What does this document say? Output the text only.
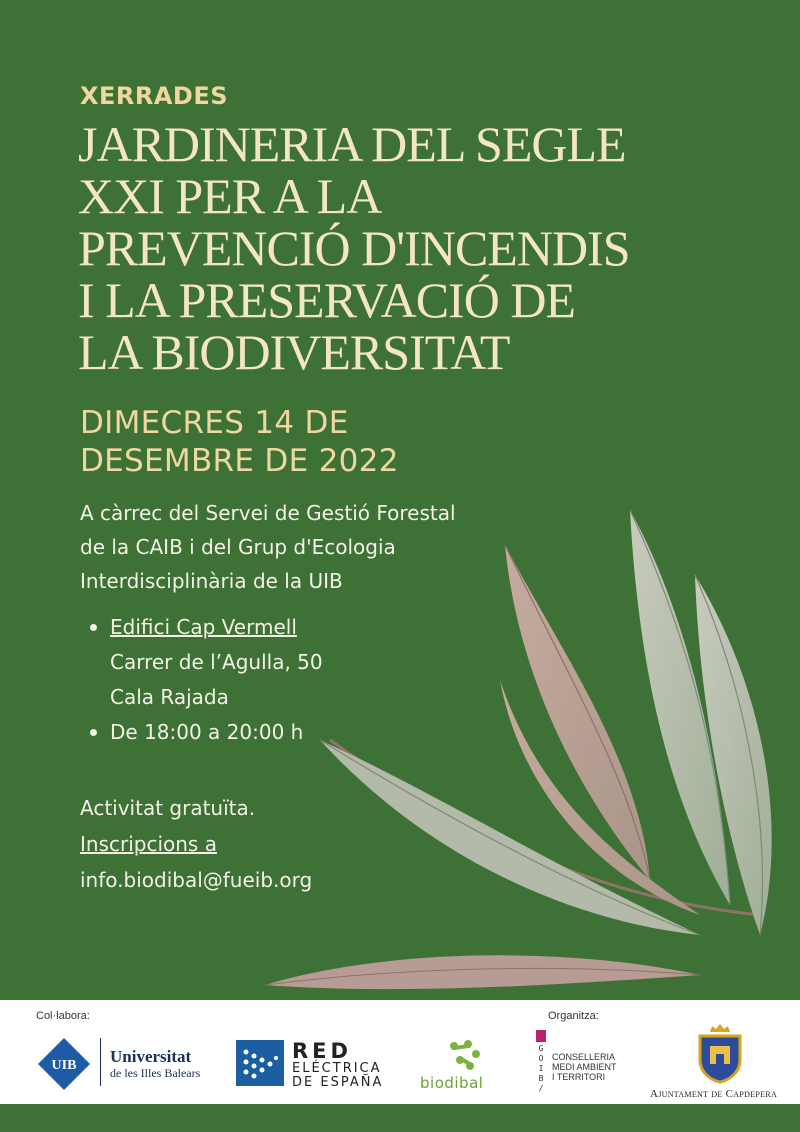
XERRADES
JARDINERIA DEL SEGLE
XXI PER A LA
PREVENCIÓ D'INCENDIS
I LA PRESERVACIÓ DE
LA BIODIVERSITAT
DIMECRES 14 DE
DESEMBRE DE 2022
A càrrec del Servei de Gestió Forestal
de la CAIB i del Grup d'Ecologia
Interdisciplinària de la UIB
Edifici Cap Vermell
Carrer de l’Agulla, 50
Cala Rajada
De 18:00 a 20:00 h
Activitat gratuïta.
Inscripcions a
info.biodibal@fueib.org
Col·labora:	Organitza:
UIB Universitat
de les Illes Balears
RED
ELÉCTRICA
DE ESPAÑA biodibal
G
O
I
B
/
CONSELLERIA
MEDI AMBIENT
I TERRITORI
Ajuntament de Capdepera
